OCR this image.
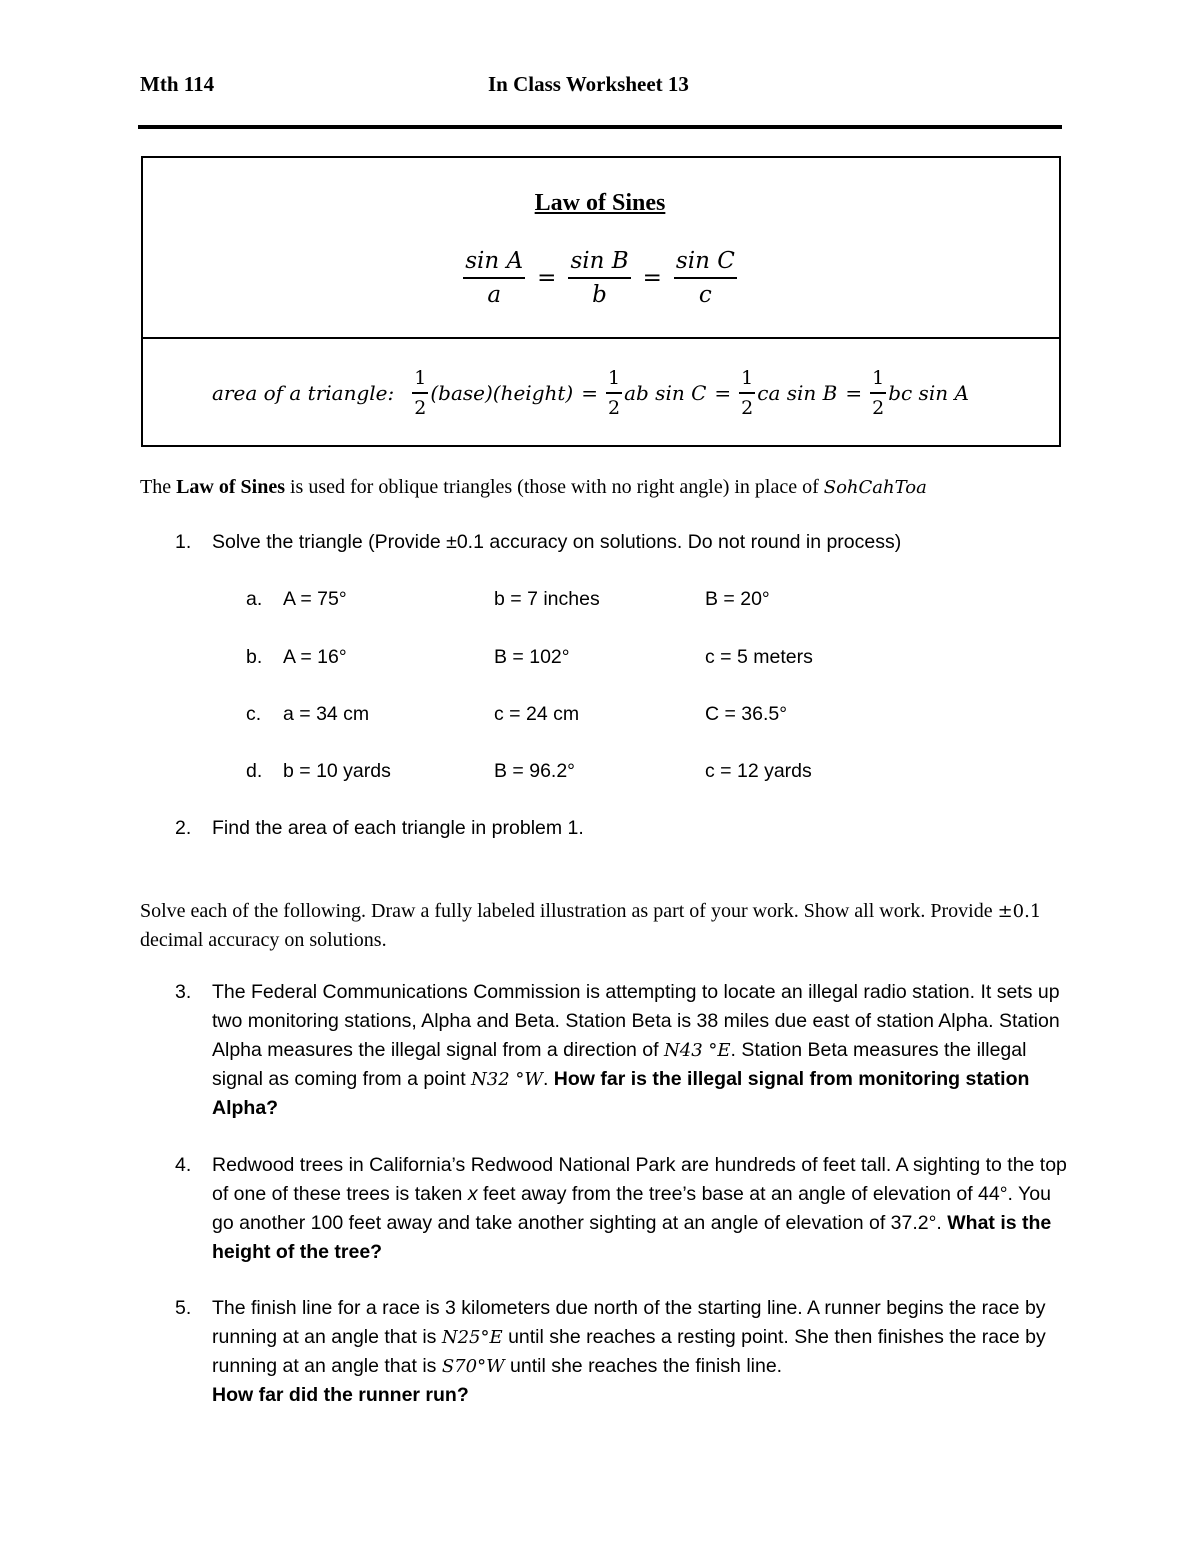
Mth 114	In Class Worksheet 13
Law of Sines
$\frac{\text{sin A}}{a} = \frac{\text{sin B}}{b} = \frac{\text{sin C}}{c}$
area of a triangle: $\frac{1}{2}$ (base)(height) = $\frac{1}{2}$ ab $\sin C = \frac{1}{2}$ ca $\sin B = \frac{1}{2}$ bc sin A
The Law of Sines is used for oblique triangles (those with no right angle) in place of SohCahToa
1.	Solve the triangle (Provide ±0.1 accuracy on solutions. Do not round in process)
a. A = 75°	b = 7 inches	B = 20°
b. A = 16°	B = 102°	c = 5 meters
c. a = 34 cm	c = 24 cm	C = 36.5°
d. b = 10 yards	B = 96.2°	c = 12 yards
2.	Find the area of each triangle in problem 1.
Solve each of the following. Draw a fully labeled illustration as part of your work. Show all work. Provide ±0.1 decimal accuracy on solutions.
3.	The Federal Communications Commission is attempting to locate an illegal radio station. It sets up two monitoring stations, Alpha and Beta. Station Beta is 38 miles due east of station Alpha. Station Alpha measures the illegal signal from a direction of N43 °E. Station Beta measures the illegal signal as coming from a point N32 °W. How far is the illegal signal from monitoring station Alpha?
4.	Redwood trees in California’s Redwood National Park are hundreds of feet tall. A sighting to the top of one of these trees is taken x feet away from the tree’s base at an angle of elevation of 44°. You go another 100 feet away and take another sighting at an angle of elevation of 37.2°. What is the height of the tree?
5.	The finish line for a race is 3 kilometers due north of the starting line. A runner begins the race by running at an angle that is N25°E until she reaches a resting point. She then finishes the race by running at an angle that is S70°W until she reaches the finish line.
How far did the runner run?
